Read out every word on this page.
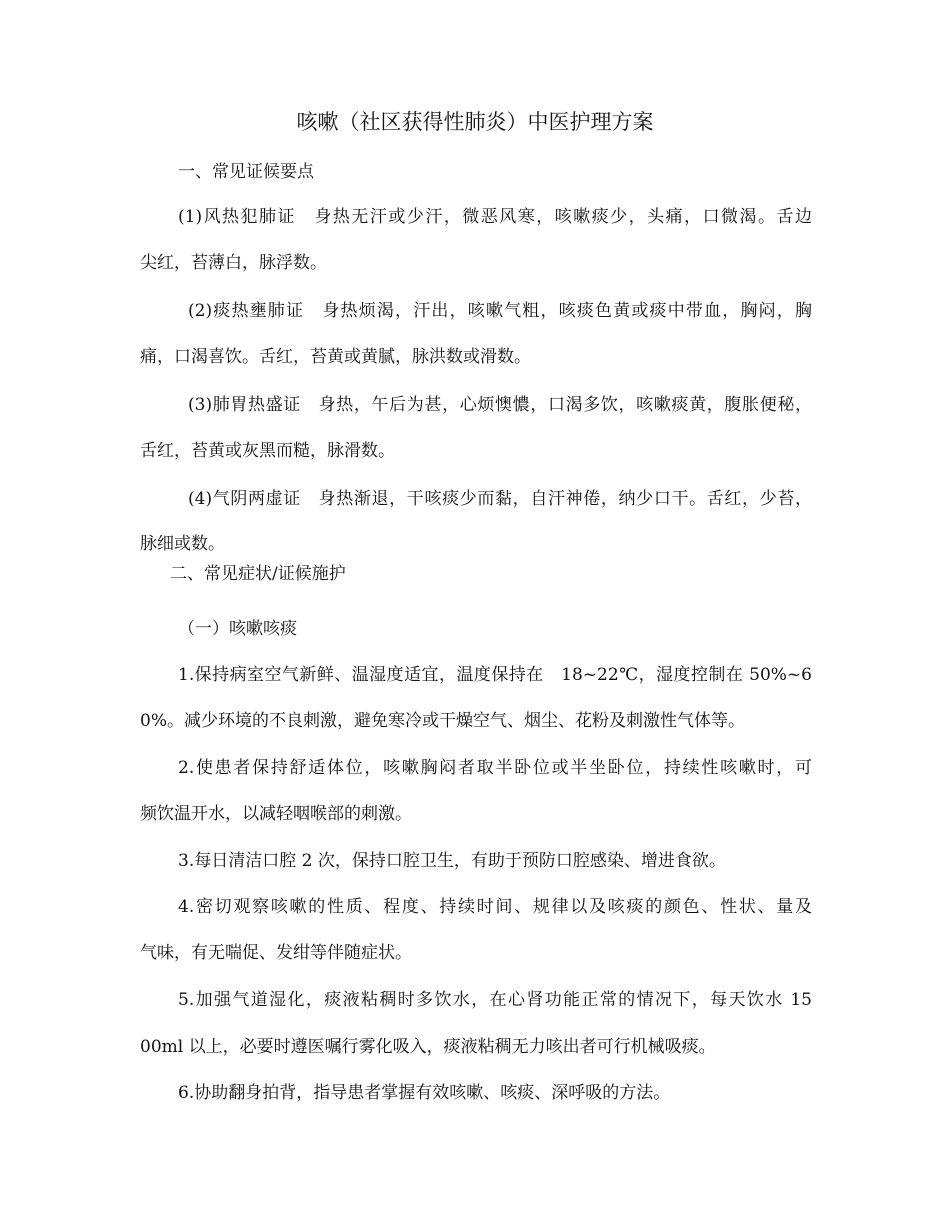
咳嗽（社区获得性肺炎）中医护理方案
一、常见证候要点
(1)风热犯肺证　身热无汗或少汗，微恶风寒，咳嗽痰少，头痛，口微渴。舌边
尖红，苔薄白，脉浮数。
(2)痰热壅肺证　身热烦渴，汗出，咳嗽气粗，咳痰色黄或痰中带血，胸闷，胸
痛，口渴喜饮。舌红，苔黄或黄腻，脉洪数或滑数。
(3)肺胃热盛证　身热，午后为甚，心烦懊憹，口渴多饮，咳嗽痰黄，腹胀便秘，
舌红，苔黄或灰黑而糙，脉滑数。
(4)气阴两虚证　身热渐退，干咳痰少而黏，自汗神倦，纳少口干。舌红，少苔，
脉细或数。
二、常见症状/证候施护
（一）咳嗽咳痰
1.保持病室空气新鲜、温湿度适宜，温度保持在　18~22℃，湿度控制在 50%~6
0%。减少环境的不良刺激，避免寒冷或干燥空气、烟尘、花粉及刺激性气体等。
2.使患者保持舒适体位，咳嗽胸闷者取半卧位或半坐卧位，持续性咳嗽时，可
频饮温开水，以减轻咽喉部的刺激。
3.每日清洁口腔 2 次，保持口腔卫生，有助于预防口腔感染、增进食欲。
4.密切观察咳嗽的性质、程度、持续时间、规律以及咳痰的颜色、性状、量及
气味，有无喘促、发绀等伴随症状。
5.加强气道湿化，痰液粘稠时多饮水，在心肾功能正常的情况下，每天饮水 15
00ml 以上，必要时遵医嘱行雾化吸入，痰液粘稠无力咳出者可行机械吸痰。
6.协助翻身拍背，指导患者掌握有效咳嗽、咳痰、深呼吸的方法。
